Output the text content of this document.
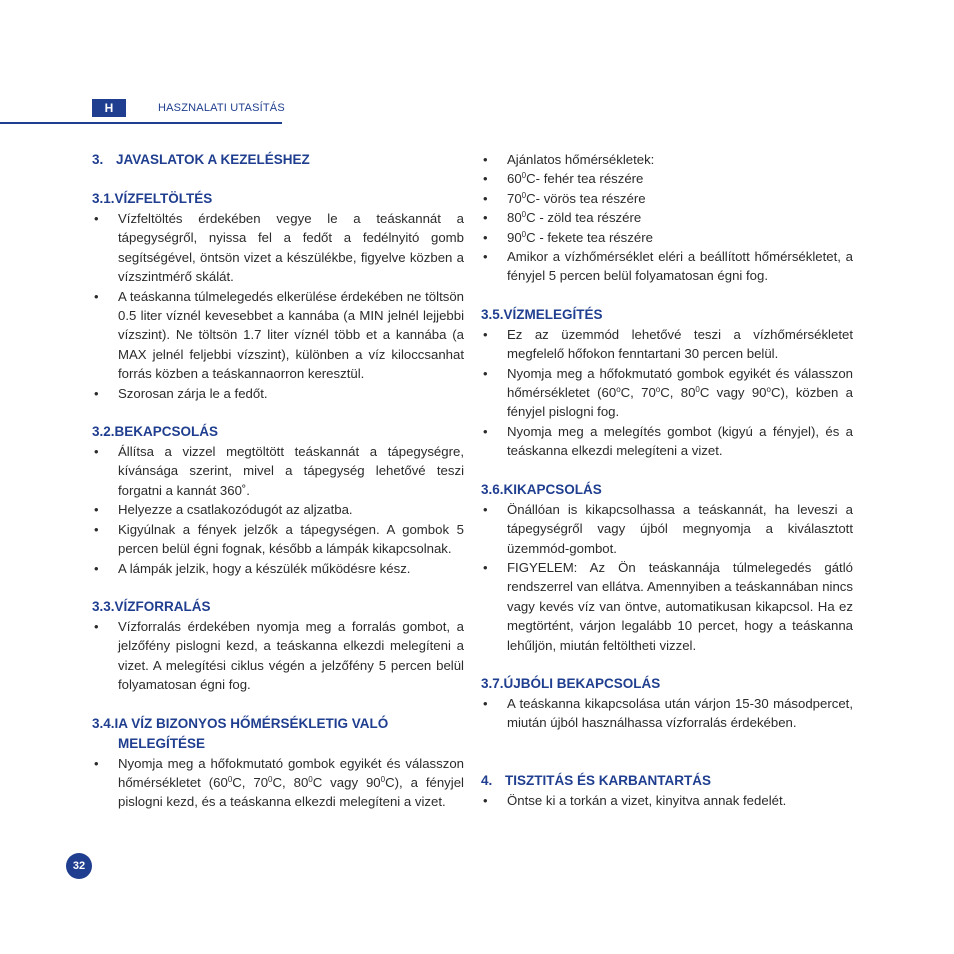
H	HASZNALATI UTASÍTÁS
3. JAVASLATOK A KEZELÉSHEZ
3.1.VÍZFELTÖLTÉS
• Vízfeltöltés érdekében vegye le a teáskannát a tápegységről, nyissa fel a fedőt a fedélnyitó gomb segítségével, öntsön vizet a készülékbe, figyelve közben a vízszintmérő skálát.
• A teáskanna túlmelegedés elkerülése érdekében ne töltsön 0.5 liter víznél kevesebbet a kannába (a MIN jelnél lejjebbi vízszint). Ne töltsön 1.7 liter víznél több et a kannába (a MAX jelnél feljebbi vízszint), különben a víz kiloccsanhat forrás közben a teáskannaorron keresztül.
• Szorosan zárja le a fedőt.
3.2.BEKAPCSOLÁS
• Állítsa a vizzel megtöltött teáskannát a tápegységre, kívánsága szerint, mivel a tápegység lehetővé teszi forgatni a kannát 360˚.
• Helyezze a csatlakozódugót az aljzatba.
• Kigyúlnak a fények jelzők a tápegységen. A gombok 5 percen belül égni fognak, később a lámpák kikapcsolnak.
• A lámpák jelzik, hogy a készülék működésre kész.
3.3.VÍZFORRALÁS
• Vízforralás érdekében nyomja meg a forralás gombot, a jelzőfény pislogni kezd, a teáskanna elkezdi melegíteni a vizet. A melegítési ciklus végén a jelzőfény 5 percen belül folyamatosan égni fog.
3.4.IA VÍZ BIZONYOS HŐMÉRSÉKLETIG VALÓ
MELEGÍTÉSE
• Nyomja meg a hőfokmutató gombok egyikét és válasszon hőmérsékletet ($60^0C$, $70^0C$, $80^0C$ vagy $90^0C$), a fényjel pislogni kezd, és a teáskanna elkezdi melegíteni a vizet.
• Ajánlatos hőmérsékletek:
• $60^0C-$ fehér tea részére
• $70^0C-$ vörös tea részére
• $80^0C$ - zöld tea részére
• $90^0C$ - fekete tea részére
• Amikor a vízhőmérséklet eléri a beállított hőmérsékletet, a fényjel 5 percen belül folyamatosan égni fog.
3.5.VÍZMELEGÍTÉS
• Ez az üzemmód lehetővé teszi a vízhőmérsékletet megfelelő hőfokon fenntartani 30 percen belül.
• Nyomja meg a hőfokmutató gombok egyikét és válasszon hőmérsékletet (60$^o$C, 70$^o$C, $80^0C$ vagy 90$^o$C), közben a fényjel pislogni fog.
• Nyomja meg a melegítés gombot (kigyú a fényjel), és a teáskanna elkezdi melegíteni a vizet.
3.6.KIKAPCSOLÁS
• Önállóan is kikapcsolhassa a teáskannát, ha leveszi a tápegységről vagy újból megnyomja a kiválasztott üzemmód-gombot.
• FIGYELEM: Az Ön teáskannája túlmelegedés gátló rendszerrel van ellátva. Amennyiben a teáskannában nincs vagy kevés víz van öntve, automatikusan kikapcsol. Ha ez megtörtént, várjon legalább 10 percet, hogy a teáskanna lehűljön, miután feltöltheti vizzel.
3.7.ÚJBÓLI BEKAPCSOLÁS
• A teáskanna kikapcsolása után várjon 15-30 másodpercet, miután újból használhassa vízforralás érdekében.
4. TISZTITÁS ÉS KARBANTARTÁS
• Öntse ki a torkán a vizet, kinyitva annak fedelét.
32
